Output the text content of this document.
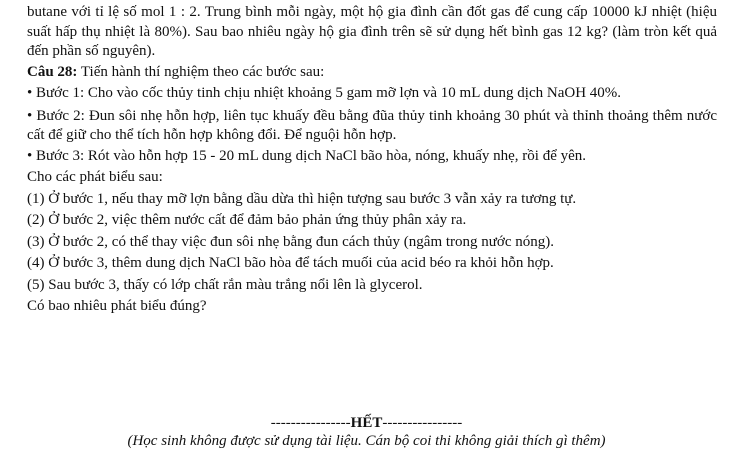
butane với tỉ lệ số mol 1 : 2. Trung bình mỗi ngày, một hộ gia đình cần đốt gas để cung cấp 10000 kJ nhiệt (hiệu suất hấp thụ nhiệt là 80%). Sau bao nhiêu ngày hộ gia đình trên sẽ sử dụng hết bình gas 12 kg? (làm tròn kết quả đến phần số nguyên).

Câu 28: Tiến hành thí nghiệm theo các bước sau:

• Bước 1: Cho vào cốc thủy tinh chịu nhiệt khoảng 5 gam mỡ lợn và 10 mL dung dịch NaOH 40%.

• Bước 2: Đun sôi nhẹ hỗn hợp, liên tục khuấy đều bằng đũa thủy tinh khoảng 30 phút và thỉnh thoảng thêm nước cất để giữ cho thể tích hỗn hợp không đổi. Để nguội hỗn hợp.

• Bước 3: Rót vào hỗn hợp 15 - 20 mL dung dịch NaCl bão hòa, nóng, khuấy nhẹ, rồi để yên.

Cho các phát biểu sau:

(1) Ở bước 1, nếu thay mỡ lợn bằng dầu dừa thì hiện tượng sau bước 3 vẫn xảy ra tương tự.

(2) Ở bước 2, việc thêm nước cất để đảm bảo phản ứng thủy phân xảy ra.

(3) Ở bước 2, có thể thay việc đun sôi nhẹ bằng đun cách thủy (ngâm trong nước nóng).

(4) Ở bước 3, thêm dung dịch NaCl bão hòa để tách muối của acid béo ra khỏi hỗn hợp.

(5) Sau bước 3, thấy có lớp chất rắn màu trắng nổi lên là glycerol.

Có bao nhiêu phát biểu đúng?

----------------HẾT----------------
(Học sinh không được sử dụng tài liệu. Cán bộ coi thi không giải thích gì thêm)
